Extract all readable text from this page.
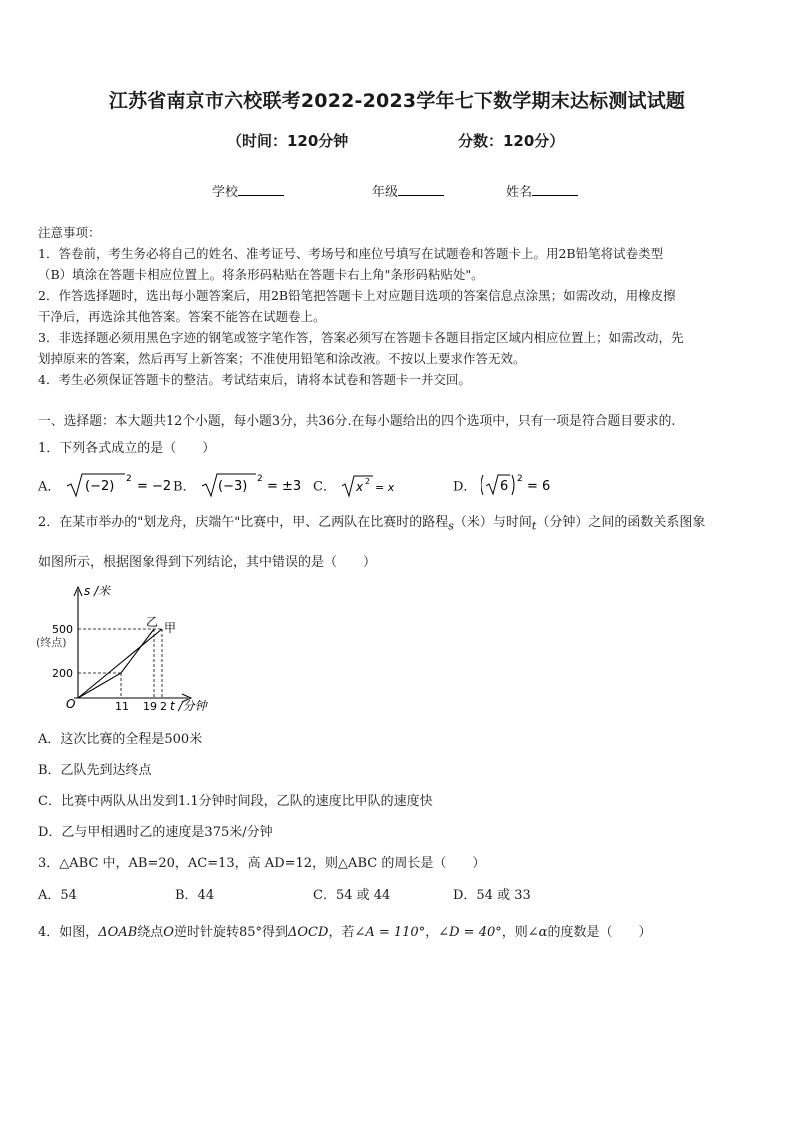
江苏省南京市六校联考2022-2023学年七下数学期末达标测试试题
（时间：120分钟	分数：120分）
学校	年级	姓名
注意事项：
1．答卷前，考生务必将自己的姓名、准考证号、考场号和座位号填写在试题卷和答题卡上。用2B铅笔将试卷类型
（B）填涂在答题卡相应位置上。将条形码粘贴在答题卡右上角"条形码粘贴处"。
2．作答选择题时，选出每小题答案后，用2B铅笔把答题卡上对应题目选项的答案信息点涂黑；如需改动，用橡皮擦
干净后，再选涂其他答案。答案不能答在试题卷上。
3．非选择题必须用黑色字迹的钢笔或签字笔作答，答案必须写在答题卡各题目指定区域内相应位置上；如需改动，先
划掉原来的答案，然后再写上新答案；不准使用铅笔和涂改液。不按以上要求作答无效。
4．考生必须保证答题卡的整洁。考试结束后，请将本试卷和答题卡一并交回。
一、选择题：本大题共12个小题，每小题3分，共36分.在每小题给出的四个选项中，只有一项是符合题目要求的.
1．下列各式成立的是（　　）
A． (−2) 2 = −2 B． (−3) 2 = ±3 C． x 2 = x	D． 6 2 = 6
2．在某市举办的"划龙舟，庆端午"比赛中，甲、乙两队在比赛时的路程$_s$（米）与时间$_t$（分钟）之间的函数关系图象
如图所示，根据图象得到下列结论，其中错误的是（　　）
s /米
t /分钟
500
(终点)
200
O	11 19 2
乙 甲
A．这次比赛的全程是500米
B．乙队先到达终点
C．比赛中两队从出发到1.1分钟时间段，乙队的速度比甲队的速度快
D．乙与甲相遇时乙的速度是375米/分钟
3．△ABC 中，AB=20，AC=13，高 AD=12，则△ABC 的周长是（　　）
A．54	B．44	C．54 或 44	D．54 或 33
4．如图，ΔOAB绕点O逆时针旋转85°得到ΔOCD，若∠A = 110°，∠D = 40°，则∠α的度数是（　　）
